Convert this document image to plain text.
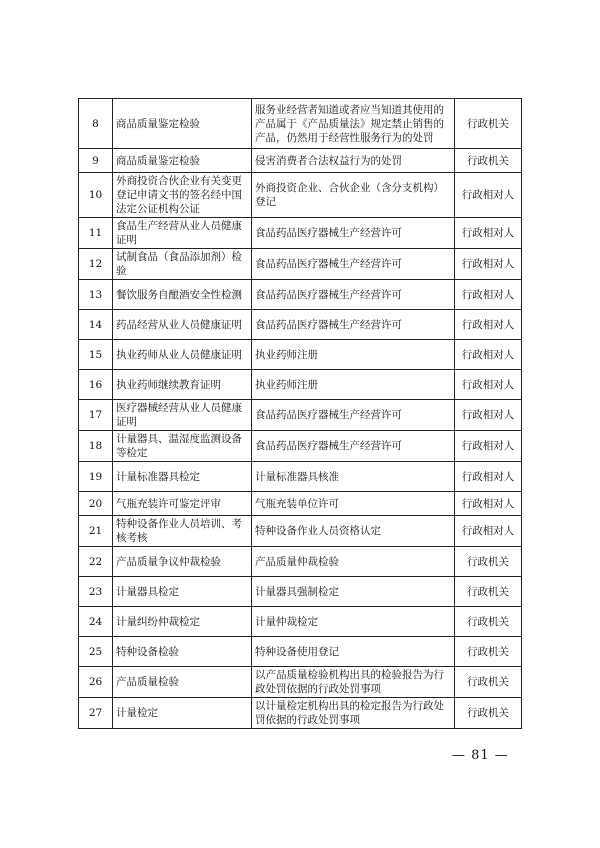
8	商品质量鉴定检验	服务业经营者知道或者应当知道其使用的产品属于《产品质量法》规定禁止销售的产品，仍然用于经营性服务行为的处罚	行政机关
9	商品质量鉴定检验	侵害消费者合法权益行为的处罚	行政机关
10	外商投资合伙企业有关变更登记申请文书的签名经中国法定公证机构公证	外商投资企业、合伙企业（含分支机构）登记	行政相对人
11	食品生产经营从业人员健康证明	食品药品医疗器械生产经营许可	行政相对人
12	试制食品（食品添加剂）检验	食品药品医疗器械生产经营许可	行政相对人
13	餐饮服务自酿酒安全性检测	食品药品医疗器械生产经营许可	行政相对人
14	药品经营从业人员健康证明	食品药品医疗器械生产经营许可	行政相对人
15	执业药师从业人员健康证明	执业药师注册	行政相对人
16	执业药师继续教育证明	执业药师注册	行政相对人
17	医疗器械经营从业人员健康证明	食品药品医疗器械生产经营许可	行政相对人
18	计量器具、温湿度监测设备等检定	食品药品医疗器械生产经营许可	行政相对人
19	计量标准器具检定	计量标准器具核准	行政相对人
20	气瓶充装许可鉴定评审	气瓶充装单位许可	行政相对人
21	特种设备作业人员培训、考核考核	特种设备作业人员资格认定	行政相对人
22	产品质量争议仲裁检验	产品质量仲裁检验	行政机关
23	计量器具检定	计量器具强制检定	行政机关
24	计量纠纷仲裁检定	计量仲裁检定	行政机关
25	特种设备检验	特种设备使用登记	行政机关
26	产品质量检验	以产品质量检验机构出具的检验报告为行政处罚依据的行政处罚事项	行政机关
27	计量检定	以计量检定机构出具的检定报告为行政处罚依据的行政处罚事项	行政机关
— 81 —
